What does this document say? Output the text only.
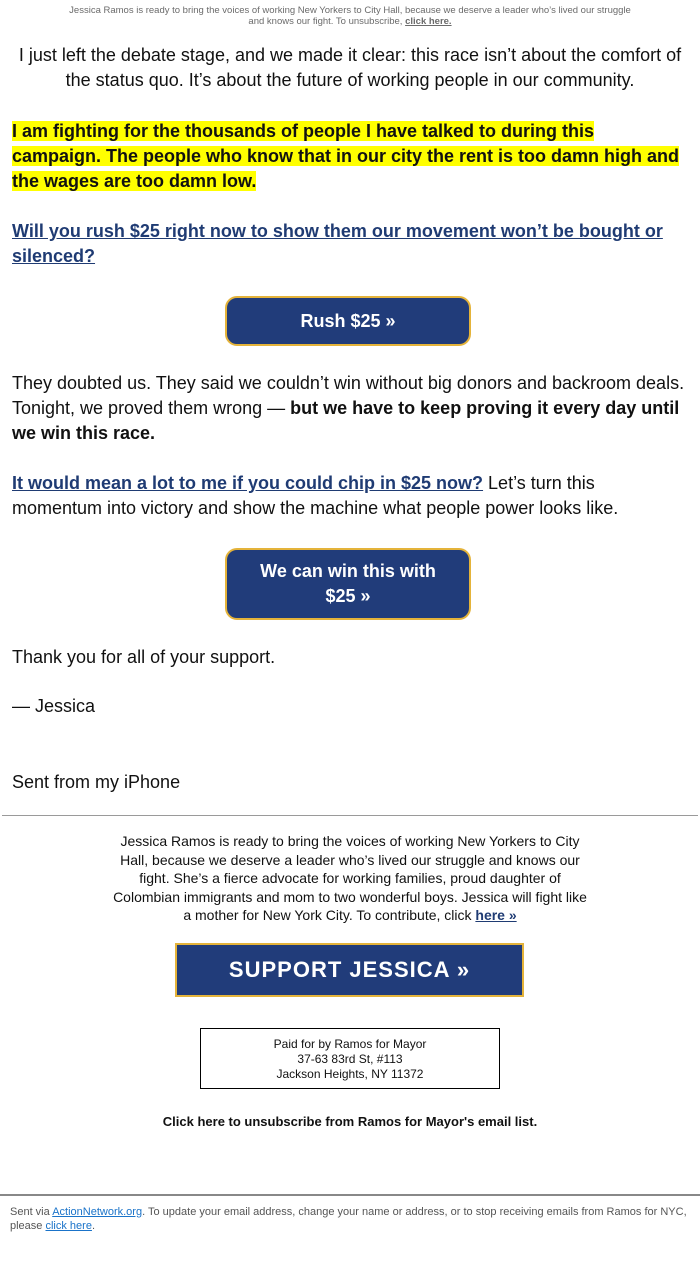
Jessica Ramos is ready to bring the voices of working New Yorkers to City Hall, because we deserve a leader who’s lived our struggle and knows our fight. To unsubscribe, click here.

I just left the debate stage, and we made it clear: this race isn’t about the comfort of the status quo. It’s about the future of working people in our community.

I am fighting for the thousands of people I have talked to during this campaign. The people who know that in our city the rent is too damn high and the wages are too damn low.

Will you rush $25 right now to show them our movement won’t be bought or silenced?

Rush $25 »

They doubted us. They said we couldn’t win without big donors and backroom deals. Tonight, we proved them wrong — but we have to keep proving it every day until we win this race.

It would mean a lot to me if you could chip in $25 now? Let’s turn this momentum into victory and show the machine what people power looks like.

We can win this with $25 »

Thank you for all of your support.

— Jessica

Sent from my iPhone

Jessica Ramos is ready to bring the voices of working New Yorkers to City Hall, because we deserve a leader who’s lived our struggle and knows our fight. She’s a fierce advocate for working families, proud daughter of Colombian immigrants and mom to two wonderful boys. Jessica will fight like a mother for New York City. To contribute, click here »
SUPPORT JESSICA »
Paid for by Ramos for Mayor
37-63 83rd St, #113
Jackson Heights, NY 11372
Click here to unsubscribe from Ramos for Mayor's email list.
Sent via ActionNetwork.org. To update your email address, change your name or address, or to stop receiving emails from Ramos for NYC, please click here.
